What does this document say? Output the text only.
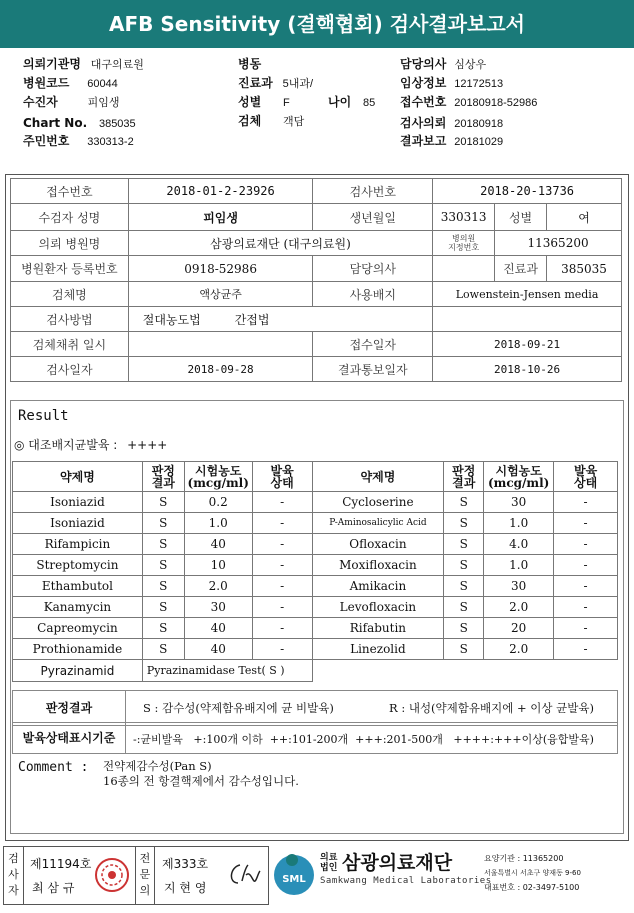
AFB Sensitivity (결핵협회) 검사결과보고서
의뢰기관명 대구의료원
병원코드 60044
수진자	피임생
Chart No. 385035
주민번호 330313-2
병동
진료과 5내과/
성별 F
검체 객담
나이 85
담당의사 심상우
임상정보 12172513
접수번호 20180918-52986
검사의뢰 20180918
결과보고 20181029
접수번호	2018-01-2-23926	검사번호	2018-20-13736		
수검자 성명	피임생	생년월일	330313	성별	여
의뢰 병원명	삼광의료재단 (대구의료원)		병의원
지정번호	11365200	
병원환자 등록번호	0918-52986	담당의사		진료과	385035
검체명	액상균주	사용배지	Lowenstein-Jensen media		
검사방법	절대농도법 간접법				
검체채취 일시		접수일자	2018-09-21		
검사일자	2018-09-28	결과통보일자	2018-10-26		
Result
◎ 대조배지균발육 : ++++
약제명	판정
결과	시험농도
(mcg/ml)	발육
상태	약제명	판정
결과	시험농도
(mcg/ml)	발육
상태
Isoniazid	S	0.2	-	Cycloserine	S	30	-
Isoniazid	S	1.0	-	P-Aminosalicylic Acid	S	1.0	-
Rifampicin	S	40	-	Ofloxacin	S	4.0	-
Streptomycin	S	10	-	Moxifloxacin	S	1.0	-
Ethambutol	S	2.0	-	Amikacin	S	30	-
Kanamycin	S	30	-	Levofloxacin	S	2.0	-
Capreomycin	S	40	-	Rifabutin	S	20	-
Prothionamide	S	40	-	Linezolid	S	2.0	-
Pyrazinamid	Pyrazinamidase Test( S )						
판정결과	S : 감수성(약제함유배지에 균 비발육)	R : 내성(약제함유배지에 + 이상 균발육)
발육상태표시기준	-:균비발육   +:100개 이하  ++:101-200개  +++:201-500개   ++++:+++이상(융합발육)
Comment : 전약제감수성(Pan S)
16종의 전 항결핵제에서 감수성입니다.
검사자
제11194호
최 삼 규
전문의
제333호
지 현 영
SML
의료
법인 삼광의료재단
Samkwang Medical Laboratories
요양기관 : 11365200
서울특별시 서초구 양재동 9-60
대표번호 : 02-3497-5100
